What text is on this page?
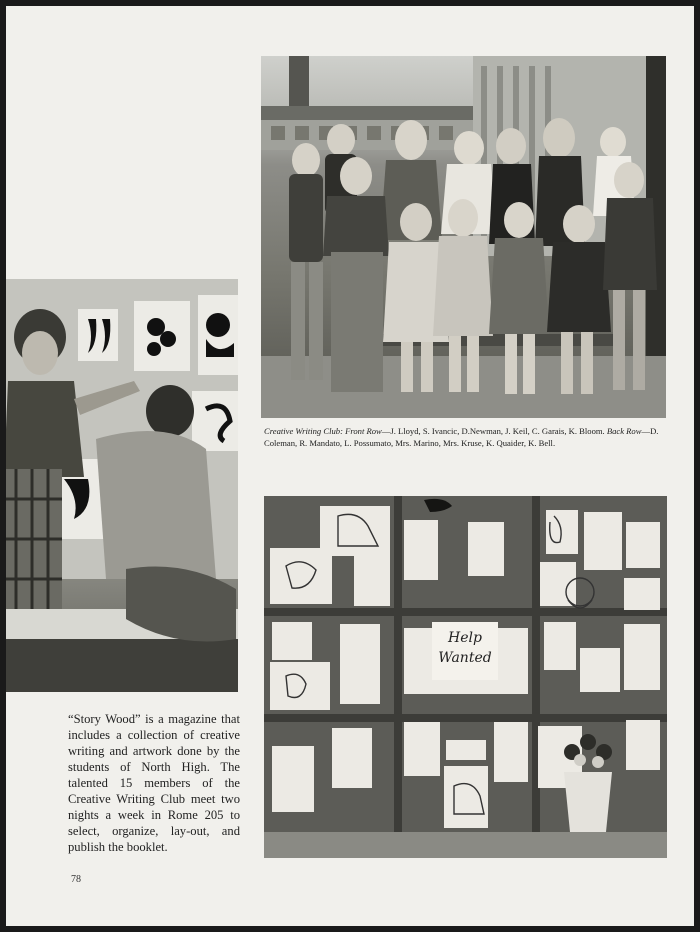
Creative Writing Club: Front Row—J. Lloyd, S. Ivancic, D.Newman, J. Keil, C. Garais, K. Bloom. Back Row—D. Coleman, R. Mandato, L. Possumato, Mrs. Marino, Mrs. Kruse, K. Quaider, K. Bell.
“Story Wood” is a magazine that includes a collection of creative writing and artwork done by the students of North High. The talented 15 members of the Creative Writing Club meet two nights a week in Rome 205 to select, organize, lay-out, and publish the booklet.
Help
Wanted
78
